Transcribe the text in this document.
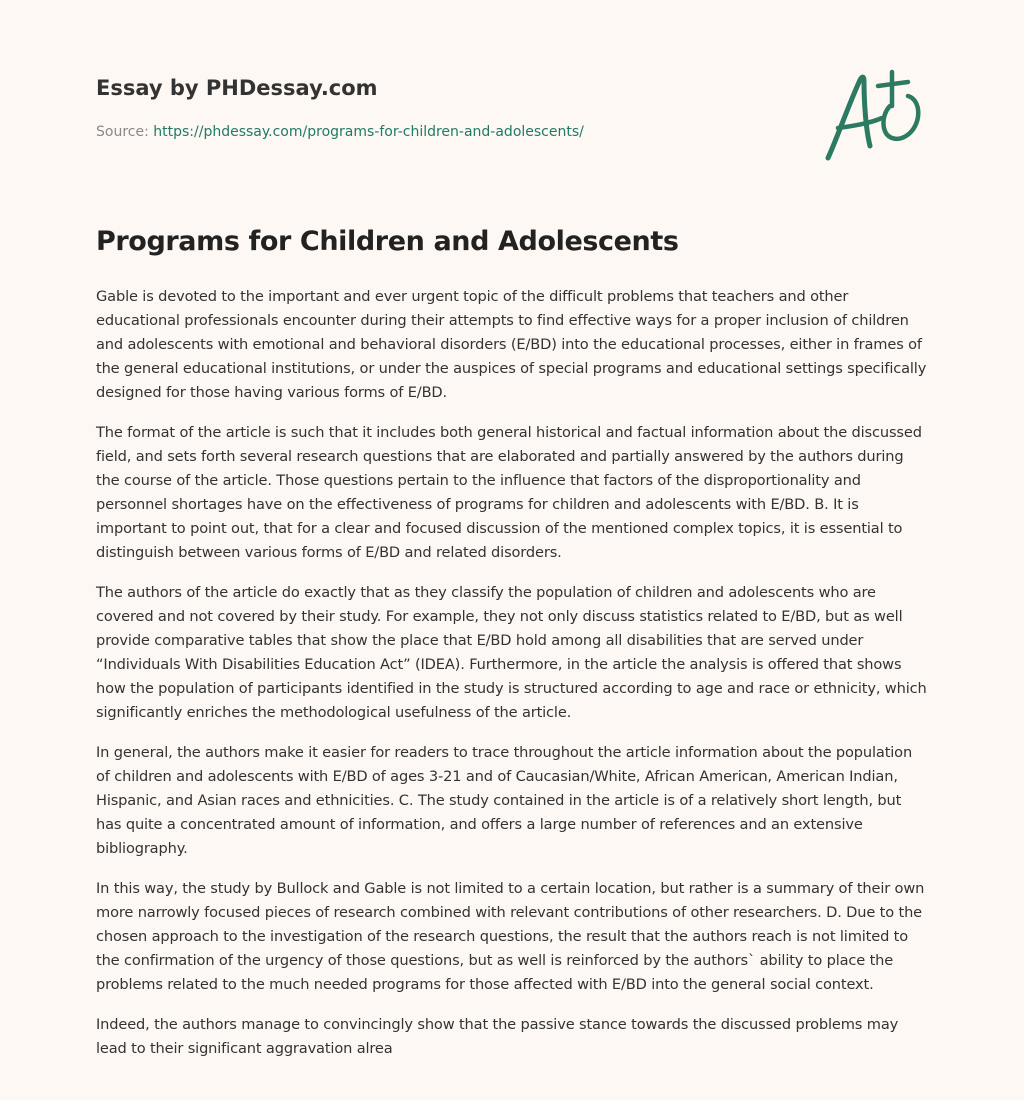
Essay by PHDessay.com
Source: https://phdessay.com/programs-for-children-and-adolescents/
Programs for Children and Adolescents

Gable is devoted to the important and ever urgent topic of the difficult problems that teachers and other educational professionals encounter during their attempts to find effective ways for a proper inclusion of children and adolescents with emotional and behavioral disorders (E/BD) into the educational processes, either in frames of the general educational institutions, or under the auspices of special programs and educational settings specifically designed for those having various forms of E/BD.

The format of the article is such that it includes both general historical and factual information about the discussed field, and sets forth several research questions that are elaborated and partially answered by the authors during the course of the article. Those questions pertain to the influence that factors of the disproportionality and personnel shortages have on the effectiveness of programs for children and adolescents with E/BD. B. It is important to point out, that for a clear and focused discussion of the mentioned complex topics, it is essential to distinguish between various forms of E/BD and related disorders.

The authors of the article do exactly that as they classify the population of children and adolescents who are covered and not covered by their study. For example, they not only discuss statistics related to E/BD, but as well provide comparative tables that show the place that E/BD hold among all disabilities that are served under “Individuals With Disabilities Education Act” (IDEA). Furthermore, in the article the analysis is offered that shows how the population of participants identified in the study is structured according to age and race or ethnicity, which significantly enriches the methodological usefulness of the article.

In general, the authors make it easier for readers to trace throughout the article information about the population of children and adolescents with E/BD of ages 3-21 and of Caucasian/White, African American, American Indian, Hispanic, and Asian races and ethnicities. C. The study contained in the article is of a relatively short length, but has quite a concentrated amount of information, and offers a large number of references and an extensive bibliography.

In this way, the study by Bullock and Gable is not limited to a certain location, but rather is a summary of their own more narrowly focused pieces of research combined with relevant contributions of other researchers. D. Due to the chosen approach to the investigation of the research questions, the result that the authors reach is not limited to the confirmation of the urgency of those questions, but as well is reinforced by the authors` ability to place the problems related to the much needed programs for those affected with E/BD into the general social context.

Indeed, the authors manage to convincingly show that the passive stance towards the discussed problems may lead to their significant aggravation alrea
